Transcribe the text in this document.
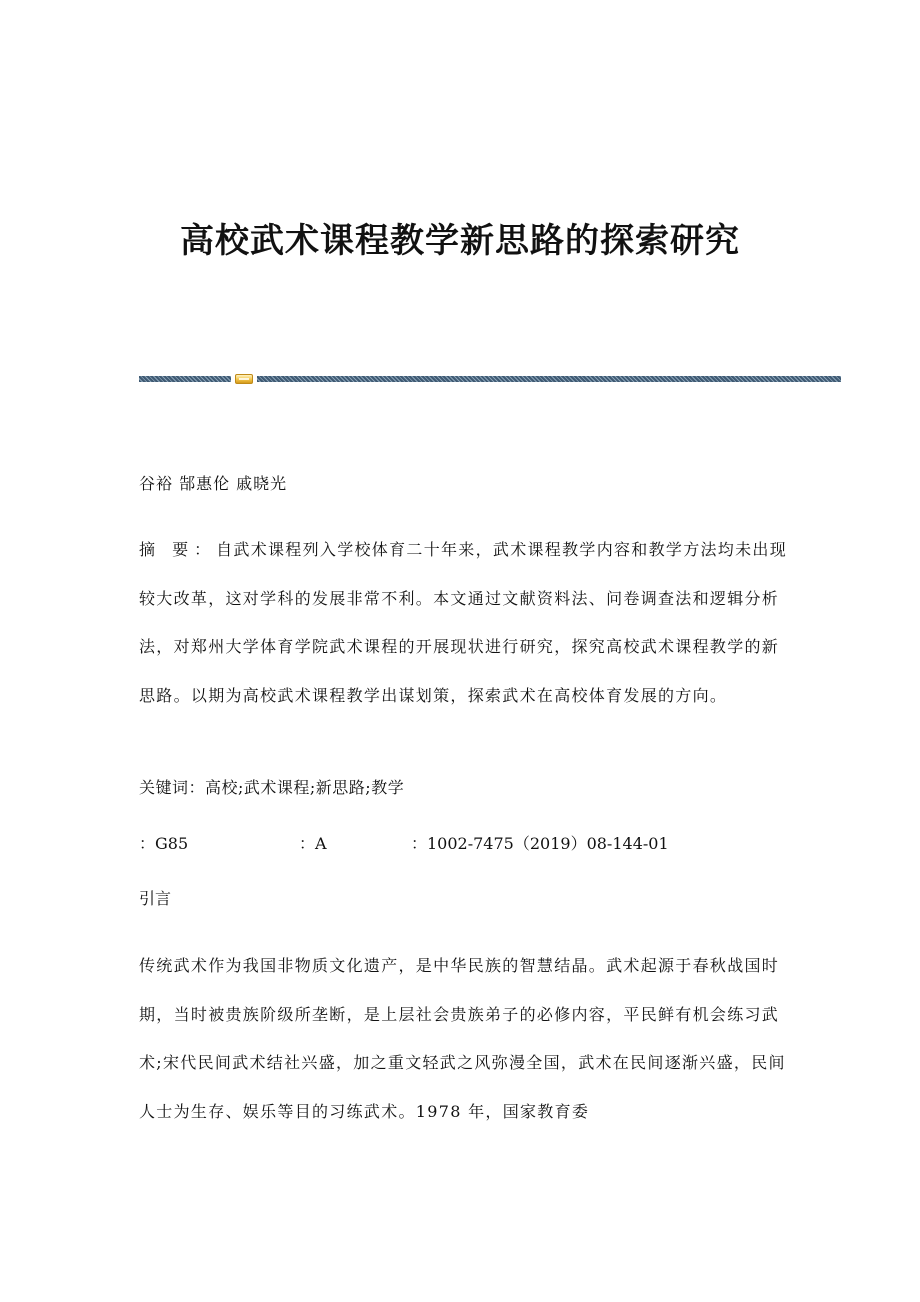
高校武术课程教学新思路的探索研究
谷裕 郜惠伦 戚晓光
摘 要：自武术课程列入学校体育二十年来，武术课程教学内容和教学方法均未出现较大改革，这对学科的发展非常不利。本文通过文献资料法、问卷调查法和逻辑分析法，对郑州大学体育学院武术课程的开展现状进行研究，探究高校武术课程教学的新思路。以期为高校武术课程教学出谋划策，探索武术在高校体育发展的方向。
关键词：高校;武术课程;新思路;教学
：G85	：A	：1002-7475（2019）08-144-01
引言
传统武术作为我国非物质文化遗产，是中华民族的智慧结晶。武术起源于春秋战国时期，当时被贵族阶级所垄断，是上层社会贵族弟子的必修内容，平民鲜有机会练习武术;宋代民间武术结社兴盛，加之重文轻武之风弥漫全国，武术在民间逐渐兴盛，民间人士为生存、娱乐等目的习练武术。1978 年，国家教育委
